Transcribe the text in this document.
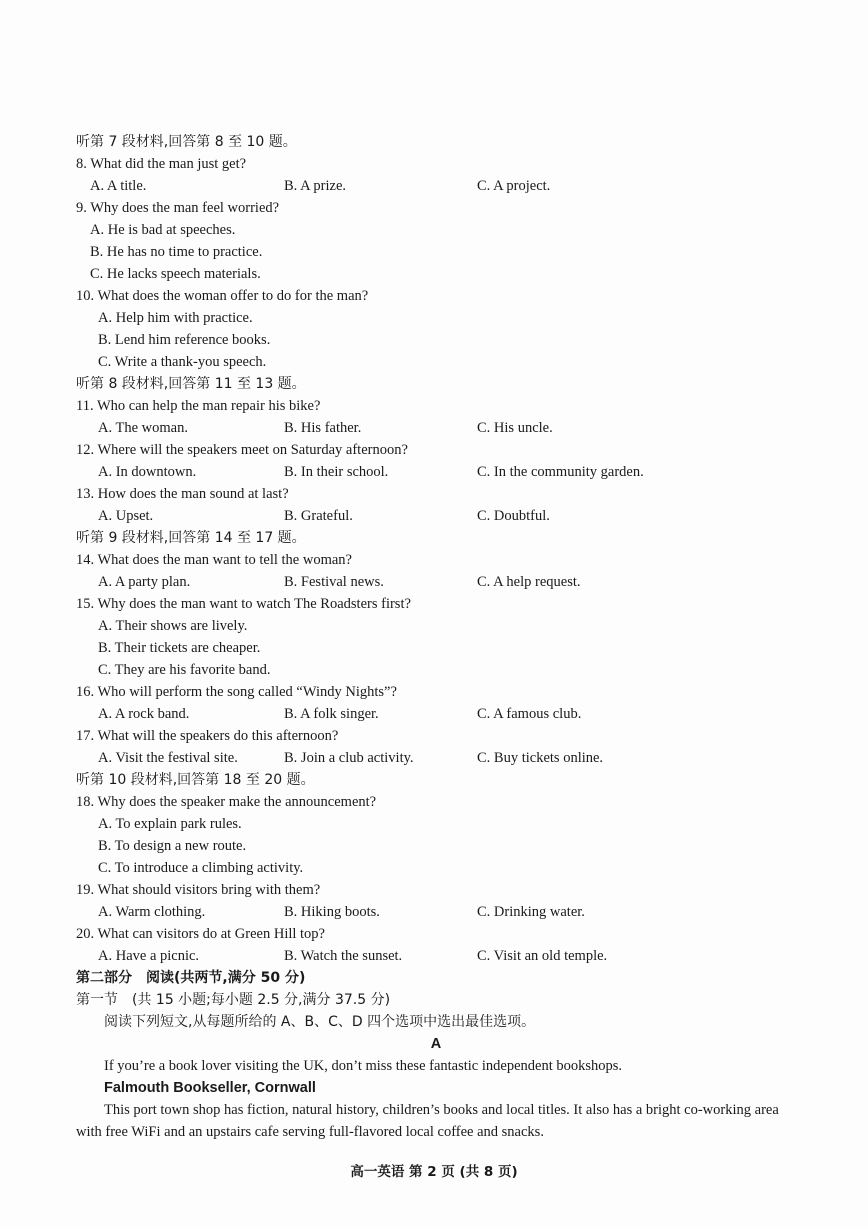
听第 7 段材料,回答第 8 至 10 题。
8. What did the man just get?
A. A title.	B. A prize.	C. A project.
9. Why does the man feel worried?
A. He is bad at speeches.
B. He has no time to practice.
C. He lacks speech materials.
10. What does the woman offer to do for the man?
A. Help him with practice.
B. Lend him reference books.
C. Write a thank-you speech.
听第 8 段材料,回答第 11 至 13 题。
11. Who can help the man repair his bike?
A. The woman.	B. His father.	C. His uncle.
12. Where will the speakers meet on Saturday afternoon?
A. In downtown.	B. In their school.	C. In the community garden.
13. How does the man sound at last?
A. Upset.	B. Grateful.	C. Doubtful.
听第 9 段材料,回答第 14 至 17 题。
14. What does the man want to tell the woman?
A. A party plan.	B. Festival news.	C. A help request.
15. Why does the man want to watch The Roadsters first?
A. Their shows are lively.
B. Their tickets are cheaper.
C. They are his favorite band.
16. Who will perform the song called “Windy Nights”?
A. A rock band.	B. A folk singer.	C. A famous club.
17. What will the speakers do this afternoon?
A. Visit the festival site.	B. Join a club activity.	C. Buy tickets online.
听第 10 段材料,回答第 18 至 20 题。
18. Why does the speaker make the announcement?
A. To explain park rules.
B. To design a new route.
C. To introduce a climbing activity.
19. What should visitors bring with them?
A. Warm clothing.	B. Hiking boots.	C. Drinking water.
20. What can visitors do at Green Hill top?
A. Have a picnic.	B. Watch the sunset.	C. Visit an old temple.
第二部分　阅读(共两节,满分 50 分)
第一节　(共 15 小题;每小题 2.5 分,满分 37.5 分)
阅读下列短文,从每题所给的 A、B、C、D 四个选项中选出最佳选项。
A
If you’re a book lover visiting the UK, don’t miss these fantastic independent bookshops.
Falmouth Bookseller, Cornwall
This port town shop has fiction, natural history, children’s books and local titles. It also has a bright co-working area with free WiFi and an upstairs cafe serving full-flavored local coffee and snacks.
高一英语 第 2 页 (共 8 页)
